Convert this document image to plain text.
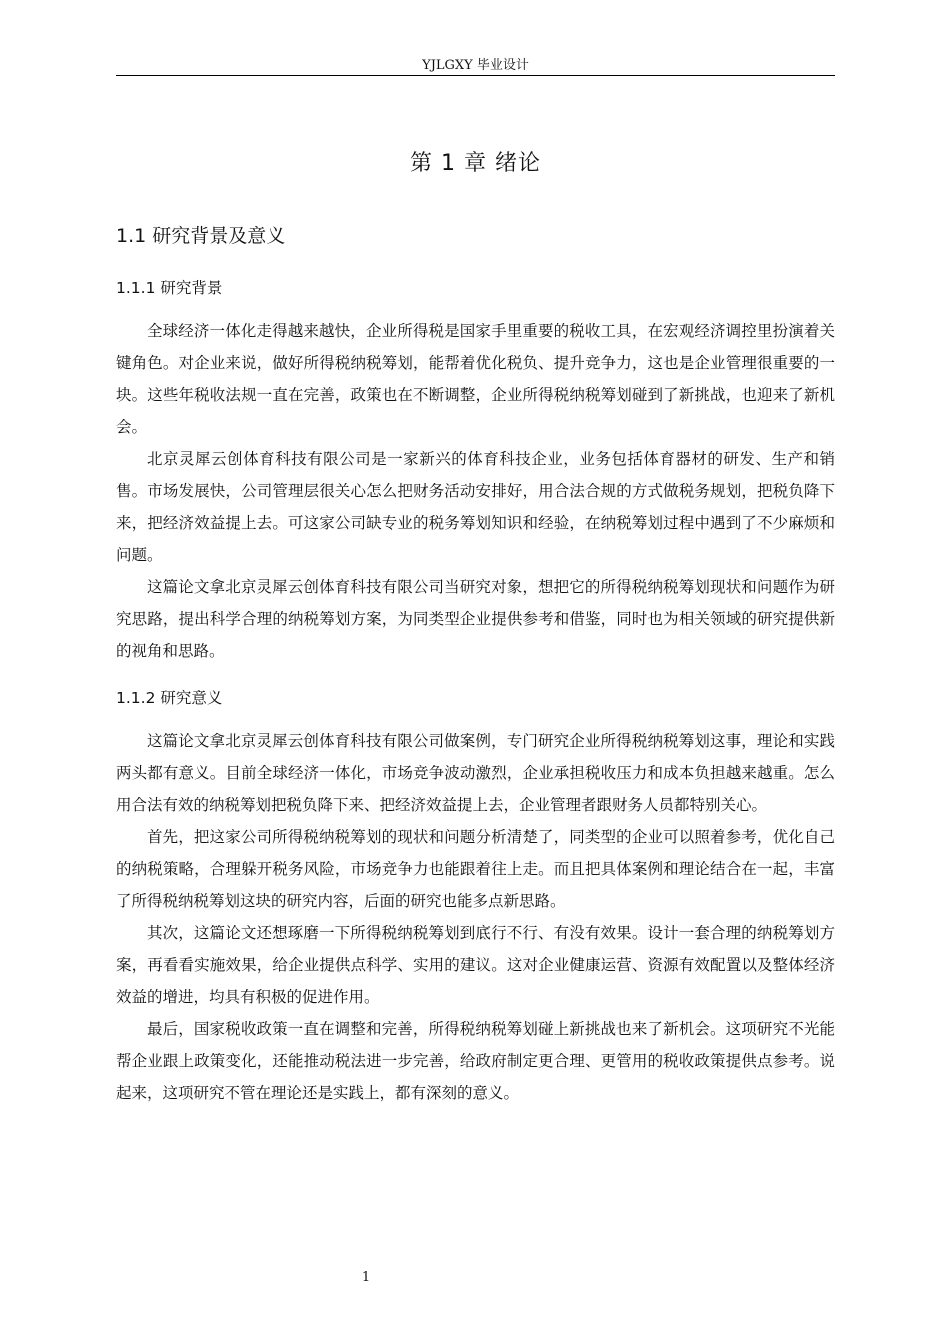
YJLGXY 毕业设计
第 1 章 绪论
1.1 研究背景及意义
1.1.1 研究背景

全球经济一体化走得越来越快，企业所得税是国家手里重要的税收工具，在宏观经济调控里扮演着关键角色。对企业来说，做好所得税纳税筹划，能帮着优化税负、提升竞争力，这也是企业管理很重要的一块。这些年税收法规一直在完善，政策也在不断调整，企业所得税纳税筹划碰到了新挑战，也迎来了新机会。

北京灵犀云创体育科技有限公司是一家新兴的体育科技企业，业务包括体育器材的研发、生产和销售。市场发展快，公司管理层很关心怎么把财务活动安排好，用合法合规的方式做税务规划，把税负降下来，把经济效益提上去。可这家公司缺专业的税务筹划知识和经验，在纳税筹划过程中遇到了不少麻烦和问题。

这篇论文拿北京灵犀云创体育科技有限公司当研究对象，想把它的所得税纳税筹划现状和问题作为研究思路，提出科学合理的纳税筹划方案，为同类型企业提供参考和借鉴，同时也为相关领域的研究提供新的视角和思路。

1.1.2 研究意义

这篇论文拿北京灵犀云创体育科技有限公司做案例，专门研究企业所得税纳税筹划这事，理论和实践两头都有意义。目前全球经济一体化，市场竞争波动激烈，企业承担税收压力和成本负担越来越重。怎么用合法有效的纳税筹划把税负降下来、把经济效益提上去，企业管理者跟财务人员都特别关心。

首先，把这家公司所得税纳税筹划的现状和问题分析清楚了，同类型的企业可以照着参考，优化自己的纳税策略，合理躲开税务风险，市场竞争力也能跟着往上走。而且把具体案例和理论结合在一起，丰富了所得税纳税筹划这块的研究内容，后面的研究也能多点新思路。

其次，这篇论文还想琢磨一下所得税纳税筹划到底行不行、有没有效果。设计一套合理的纳税筹划方案，再看看实施效果，给企业提供点科学、实用的建议。这对企业健康运营、资源有效配置以及整体经济效益的增进，均具有积极的促进作用。

最后，国家税收政策一直在调整和完善，所得税纳税筹划碰上新挑战也来了新机会。这项研究不光能帮企业跟上政策变化，还能推动税法进一步完善，给政府制定更合理、更管用的税收政策提供点参考。说起来，这项研究不管在理论还是实践上，都有深刻的意义。

1
